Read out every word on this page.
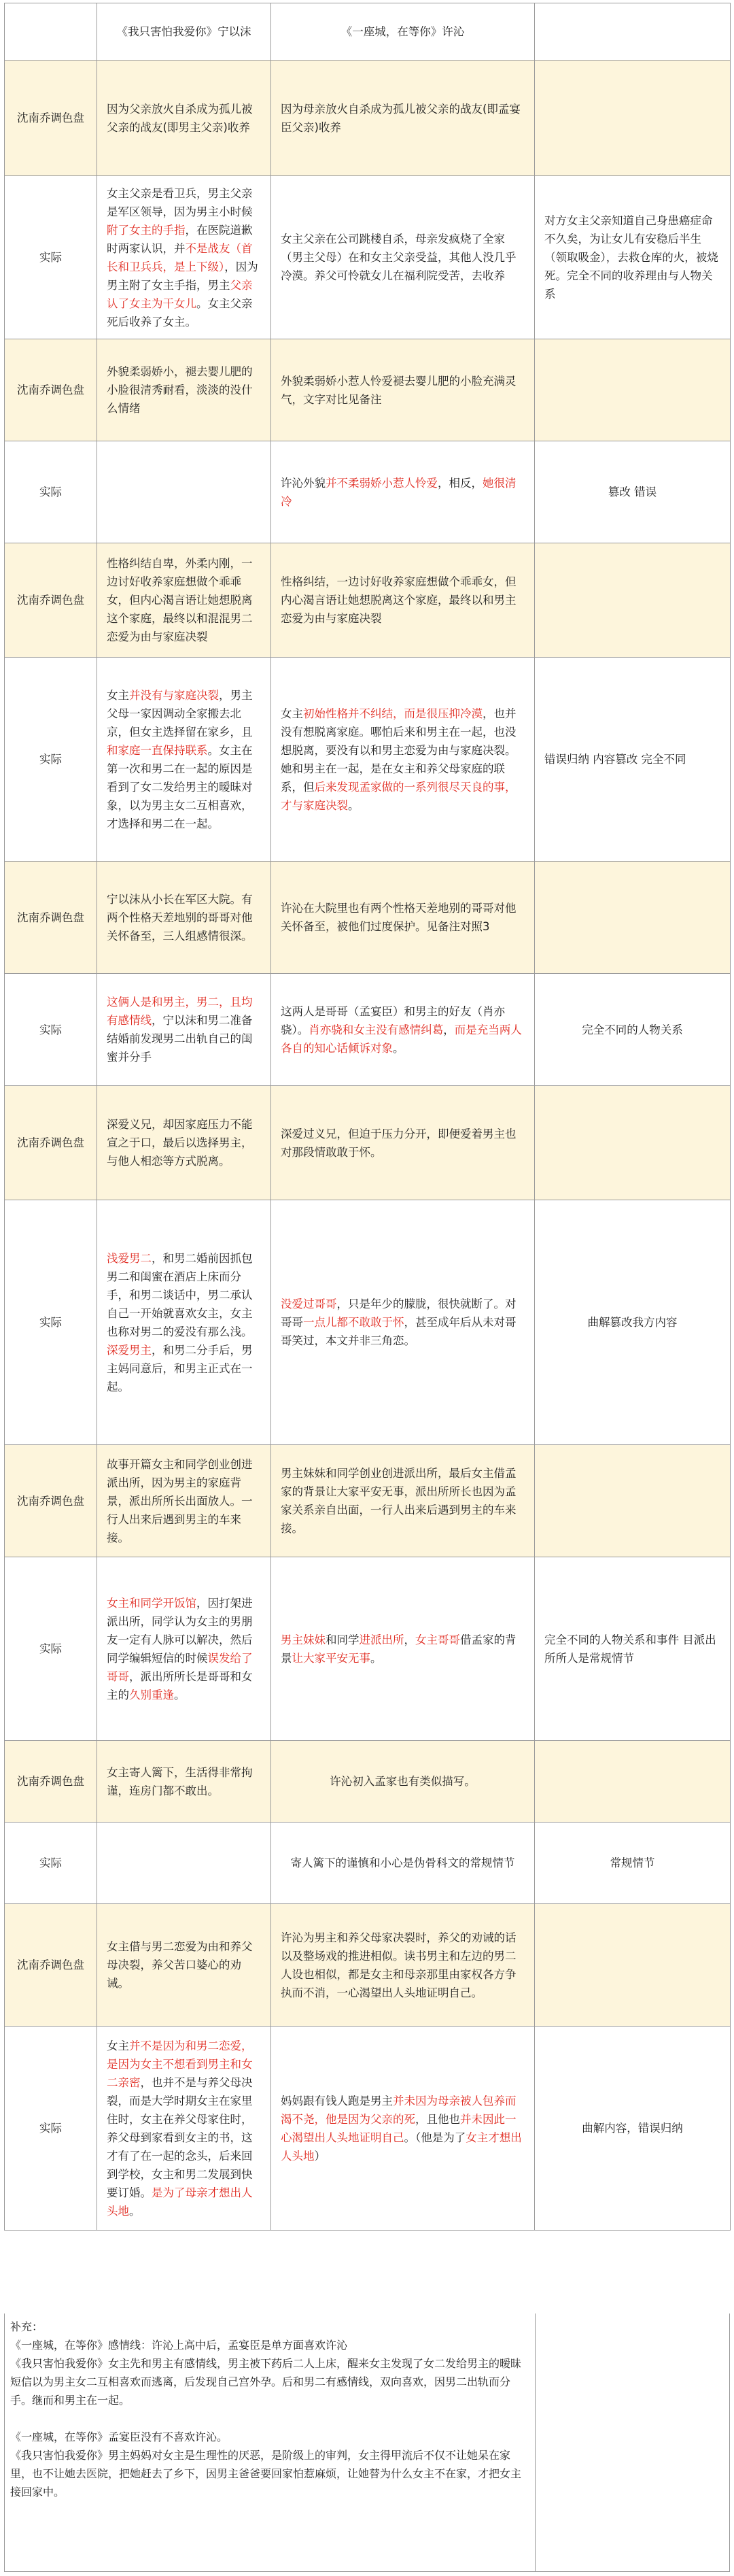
	《我只害怕我爱你》宁以沫	《一座城，在等你》许沁	
沈南乔调色盘	因为父亲放火自杀成为孤儿被父亲的战友(即男主父亲)收养	因为母亲放火自杀成为孤儿被父亲的战友(即孟宴臣父亲)收养	
实际	女主父亲是看卫兵，男主父亲是军区领导，因为男主小时候附了女主的手指，在医院道歉时两家认识，并不是战友（首长和卫兵兵，是上下级），因为男主附了女主手指，男主父亲认了女主为干女儿。女主父亲死后收养了女主。	女主父亲在公司跳楼自杀，母亲发疯烧了全家（男主父母）在和女主父亲受益，其他人没几乎冷漠。养父可怜就女儿在福利院受苦，去收养	对方女主父亲知道自己身患癌症命不久矣，为让女儿有安稳后半生（领取吸金），去救仓库的火，被烧死。完全不同的收养理由与人物关系
沈南乔调色盘	外貌柔弱娇小，褪去婴儿肥的小脸很清秀耐看，淡淡的没什么情绪	外貌柔弱娇小惹人怜爱褪去婴儿肥的小脸充满灵气，文字对比见备注	
实际		许沁外貌并不柔弱娇小惹人怜爱，相反，她很清冷	篡改 错误
沈南乔调色盘	性格纠结自卑，外柔内刚，一边讨好收养家庭想做个乖乖女，但内心渴言语让她想脱离这个家庭，最终以和混混男二恋爱为由与家庭决裂	性格纠结，一边讨好收养家庭想做个乖乖女，但内心渴言语让她想脱离这个家庭，最终以和男主恋爱为由与家庭决裂	
实际	女主并没有与家庭决裂，男主父母一家因调动全家搬去北京，但女主选择留在家乡，且和家庭一直保持联系。女主在第一次和男二在一起的原因是看到了女二发给男主的暧昧对象，以为男主女二互相喜欢，才选择和男二在一起。	女主初始性格并不纠结，而是很压抑冷漠，也并没有想脱离家庭。哪怕后来和男主在一起，也没想脱离，要没有以和男主恋爱为由与家庭决裂。她和男主在一起，是在女主和养父母家庭的联系，但后来发现孟家做的一系列很尽天良的事，才与家庭决裂。	错误归纳 内容篡改 完全不同
沈南乔调色盘	宁以沫从小长在军区大院。有两个性格天差地别的哥哥对他关怀备至，三人组感情很深。	许沁在大院里也有两个性格天差地别的哥哥对他关怀备至，被他们过度保护。见备注对照3	
实际	这俩人是和男主，男二，且均有感情线，宁以沫和男二准备结婚前发现男二出轨自己的闺蜜并分手	这两人是哥哥（孟宴臣）和男主的好友（肖亦骁）。肖亦骁和女主没有感情纠葛，而是充当两人各自的知心话倾诉对象。	完全不同的人物关系
沈南乔调色盘	深爱义兄，却因家庭压力不能宣之于口，最后以选择男主，与他人相恋等方式脱离。	深爱过义兄，但迫于压力分开，即便爱着男主也对那段情敢敢于怀。	
实际	浅爱男二，和男二婚前因抓包男二和闺蜜在酒店上床而分手，和男二谈话中，男二承认自己一开始就喜欢女主，女主也称对男二的爱没有那么浅。深爱男主，和男二分手后，男主妈同意后，和男主正式在一起。	没爱过哥哥，只是年少的朦胧，很快就断了。对哥哥一点儿都不敢敢于怀，甚至成年后从未对哥哥笑过，本文并非三角恋。	曲解篡改我方内容
沈南乔调色盘	故事开篇女主和同学创业创进派出所，因为男主的家庭背景，派出所所长出面放人。一行人出来后遇到男主的车来接。	男主妹妹和同学创业创进派出所，最后女主借孟家的背景让大家平安无事，派出所所长也因为孟家关系亲自出面，一行人出来后遇到男主的车来接。	
实际	女主和同学开饭馆，因打架进派出所，同学认为女主的男朋友一定有人脉可以解决，然后同学编辑短信的时候误发给了哥哥，派出所所长是哥哥和女主的久别重逢。	男主妹妹和同学进派出所，女主哥哥借孟家的背景让大家平安无事。	完全不同的人物关系和事件 目派出所所人是常规情节
沈南乔调色盘	女主寄人篱下，生活得非常拘谨，连房门都不敢出。	许沁初入孟家也有类似描写。	
实际		寄人篱下的谨慎和小心是伪骨科文的常规情节	常规情节
沈南乔调色盘	女主借与男二恋爱为由和养父母决裂，养父苦口婆心的劝诫。	许沁为男主和养父母家决裂时，养父的劝诫的话以及整场戏的推进相似。读书男主和左边的男二人设也相似，都是女主和母亲那里由家权各方争执而不消，一心渴望出人头地证明自己。	
实际	女主并不是因为和男二恋爱，是因为女主不想看到男主和女二亲密，也并不是与养父母决裂，而是大学时期女主在家里住时，女主在养父母家住时，养父母到家看到女主的书，这才有了在一起的念头，后来回到学校，女主和男二发展到快要订婚。是为了母亲才想出人头地。	妈妈跟有钱人跑是男主并未因为母亲被人包养而渴不尧，他是因为父亲的死，且他也并未因此一心渴望出人头地证明自己。（他是为了女主才想出人头地）	曲解内容，错误归纳

补充：

《一座城，在等你》感情线：许沁上高中后，孟宴臣是单方面喜欢许沁

《我只害怕我爱你》女主先和男主有感情线，男主被下药后二人上床，醒来女主发现了女二发给男主的暧昧短信以为男主女二互相喜欢而逃离，后发现自己宫外孕。后和男二有感情线，双向喜欢，因男二出轨而分手。继而和男主在一起。

《一座城，在等你》孟宴臣没有不喜欢许沁。

《我只害怕我爱你》男主妈妈对女主是生理性的厌恶，是阶级上的审判，女主得甲流后不仅不让她呆在家里，也不让她去医院，把她赶去了乡下，因男主爸爸要回家怕惹麻烦，让她替为什么女主不在家，才把女主接回家中。
